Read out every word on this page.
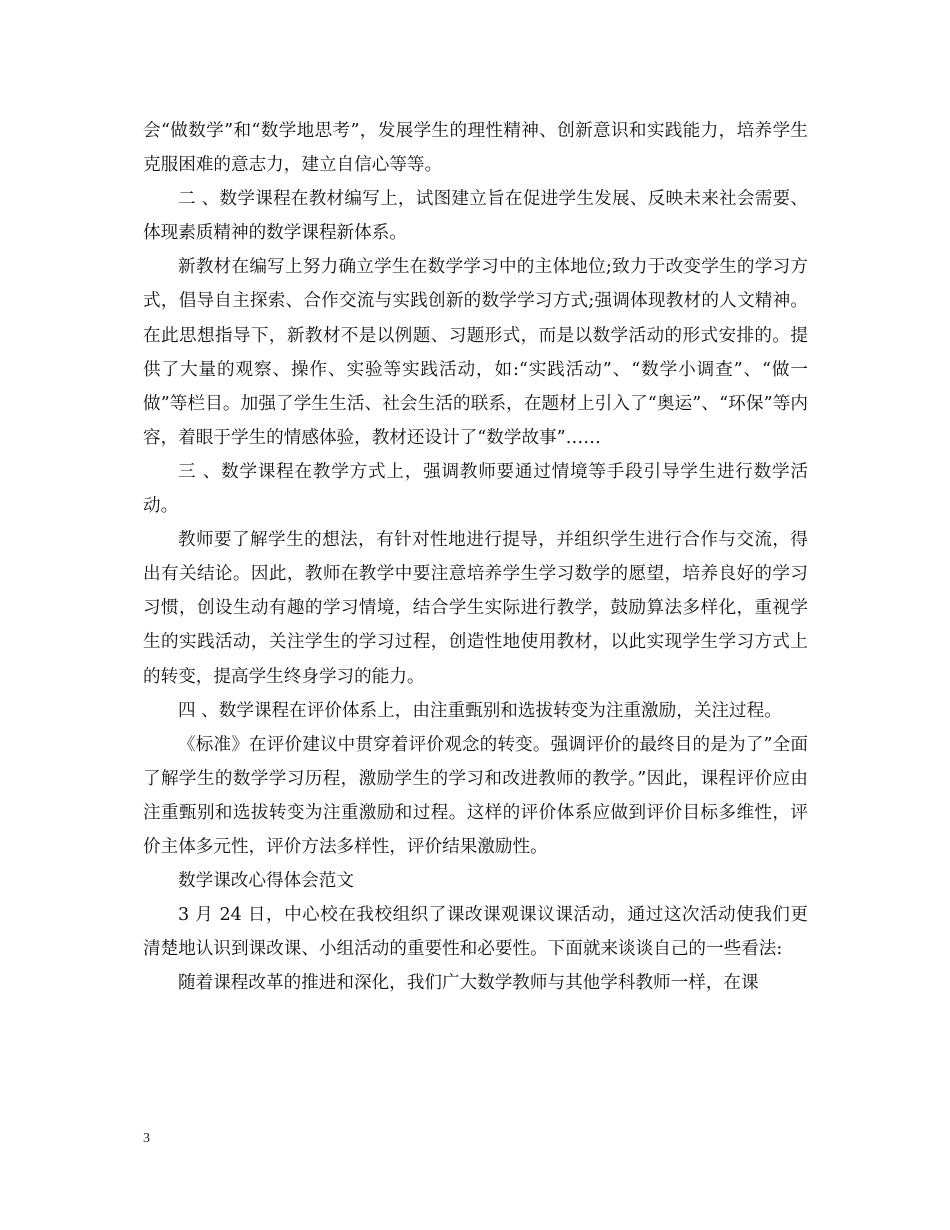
会“做数学”和“数学地思考”，发展学生的理性精神、创新意识和实践能力，培养学生克服困难的意志力，建立自信心等等。

二 、数学课程在教材编写上，试图建立旨在促进学生发展、反映未来社会需要、体现素质精神的数学课程新体系。

新教材在编写上努力确立学生在数学学习中的主体地位;致力于改变学生的学习方式，倡导自主探索、合作交流与实践创新的数学学习方式;强调体现教材的人文精神。在此思想指导下，新教材不是以例题、习题形式，而是以数学活动的形式安排的。提供了大量的观察、操作、实验等实践活动，如:“实践活动”、“数学小调查”、“做一做”等栏目。加强了学生生活、社会生活的联系，在题材上引入了“奥运”、“环保”等内容，着眼于学生的情感体验，教材还设计了“数学故事”……

三 、数学课程在教学方式上，强调教师要通过情境等手段引导学生进行数学活动。

教师要了解学生的想法，有针对性地进行提导，并组织学生进行合作与交流，得出有关结论。因此，教师在教学中要注意培养学生学习数学的愿望，培养良好的学习习惯，创设生动有趣的学习情境，结合学生实际进行教学，鼓励算法多样化，重视学生的实践活动，关注学生的学习过程，创造性地使用教材，以此实现学生学习方式上的转变，提高学生终身学习的能力。

四 、数学课程在评价体系上，由注重甄别和选拔转变为注重激励，关注过程。

《标准》在评价建议中贯穿着评价观念的转变。强调评价的最终目的是为了”全面了解学生的数学学习历程，激励学生的学习和改进教师的教学。”因此，课程评价应由注重甄别和选拔转变为注重激励和过程。这样的评价体系应做到评价目标多维性，评价主体多元性，评价方法多样性，评价结果激励性。

数学课改心得体会范文

3 月 24 日，中心校在我校组织了课改课观课议课活动，通过这次活动使我们更清楚地认识到课改课、小组活动的重要性和必要性。下面就来谈谈自己的一些看法:

随着课程改革的推进和深化，我们广大数学教师与其他学科教师一样，在课

3
